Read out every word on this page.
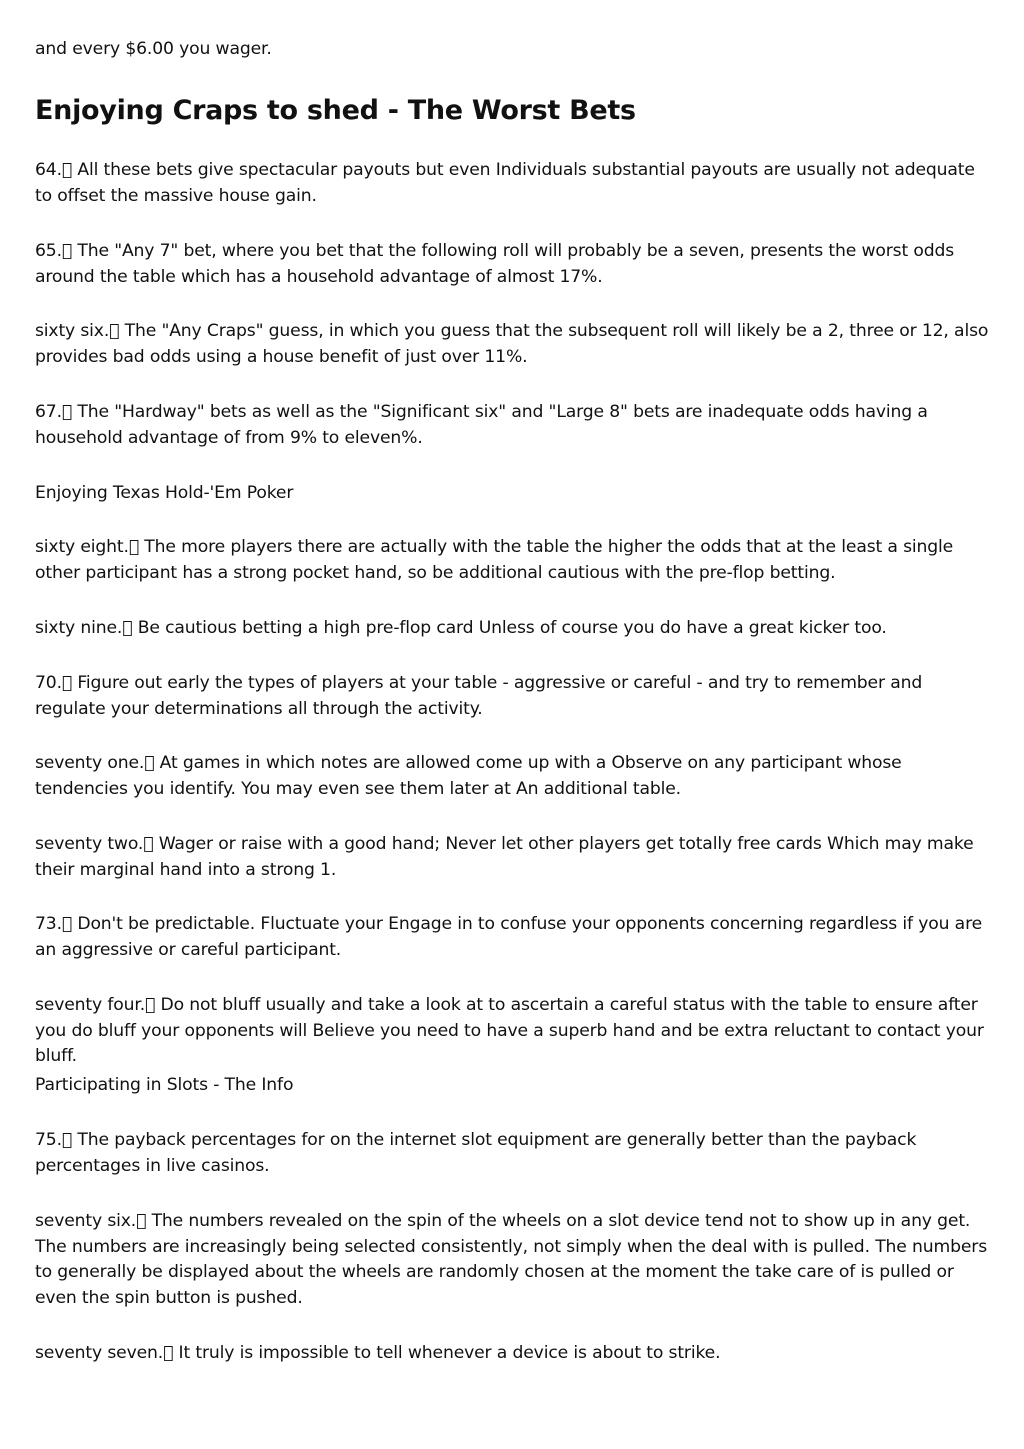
and every $6.00 you wager.
Enjoying Craps to shed - The Worst Bets
64.  All these bets give spectacular payouts but even Individuals substantial payouts are usually not adequate to offset the massive house gain.
65.  The "Any 7" bet, where you bet that the following roll will probably be a seven, presents the worst odds around the table which has a household advantage of almost 17%.
sixty six.  The "Any Craps" guess, in which you guess that the subsequent roll will likely be a 2, three or 12, also provides bad odds using a house benefit of just over 11%.
67.  The "Hardway" bets as well as the "Significant six" and "Large 8" bets are inadequate odds having a household advantage of from 9% to eleven%.
Enjoying Texas Hold-'Em Poker
sixty eight.  The more players there are actually with the table the higher the odds that at the least a single other participant has a strong pocket hand, so be additional cautious with the pre-flop betting.
sixty nine.  Be cautious betting a high pre-flop card Unless of course you do have a great kicker too.
70.  Figure out early the types of players at your table - aggressive or careful - and try to remember and regulate your determinations all through the activity.
seventy one.  At games in which notes are allowed come up with a Observe on any participant whose tendencies you identify. You may even see them later at An additional table.
seventy two.  Wager or raise with a good hand; Never let other players get totally free cards Which may make their marginal hand into a strong 1.
73.  Don't be predictable. Fluctuate your Engage in to confuse your opponents concerning regardless if you are an aggressive or careful participant.
seventy four.  Do not bluff usually and take a look at to ascertain a careful status with the table to ensure after you do bluff your opponents will Believe you need to have a superb hand and be extra reluctant to contact your bluff.
Participating in Slots - The Info
75.  The payback percentages for on the internet slot equipment are generally better than the payback percentages in live casinos.
seventy six.  The numbers revealed on the spin of the wheels on a slot device tend not to show up in any get. The numbers are increasingly being selected consistently, not simply when the deal with is pulled. The numbers to generally be displayed about the wheels are randomly chosen at the moment the take care of is pulled or even the spin button is pushed.
seventy seven.  It truly is impossible to tell whenever a device is about to strike.
